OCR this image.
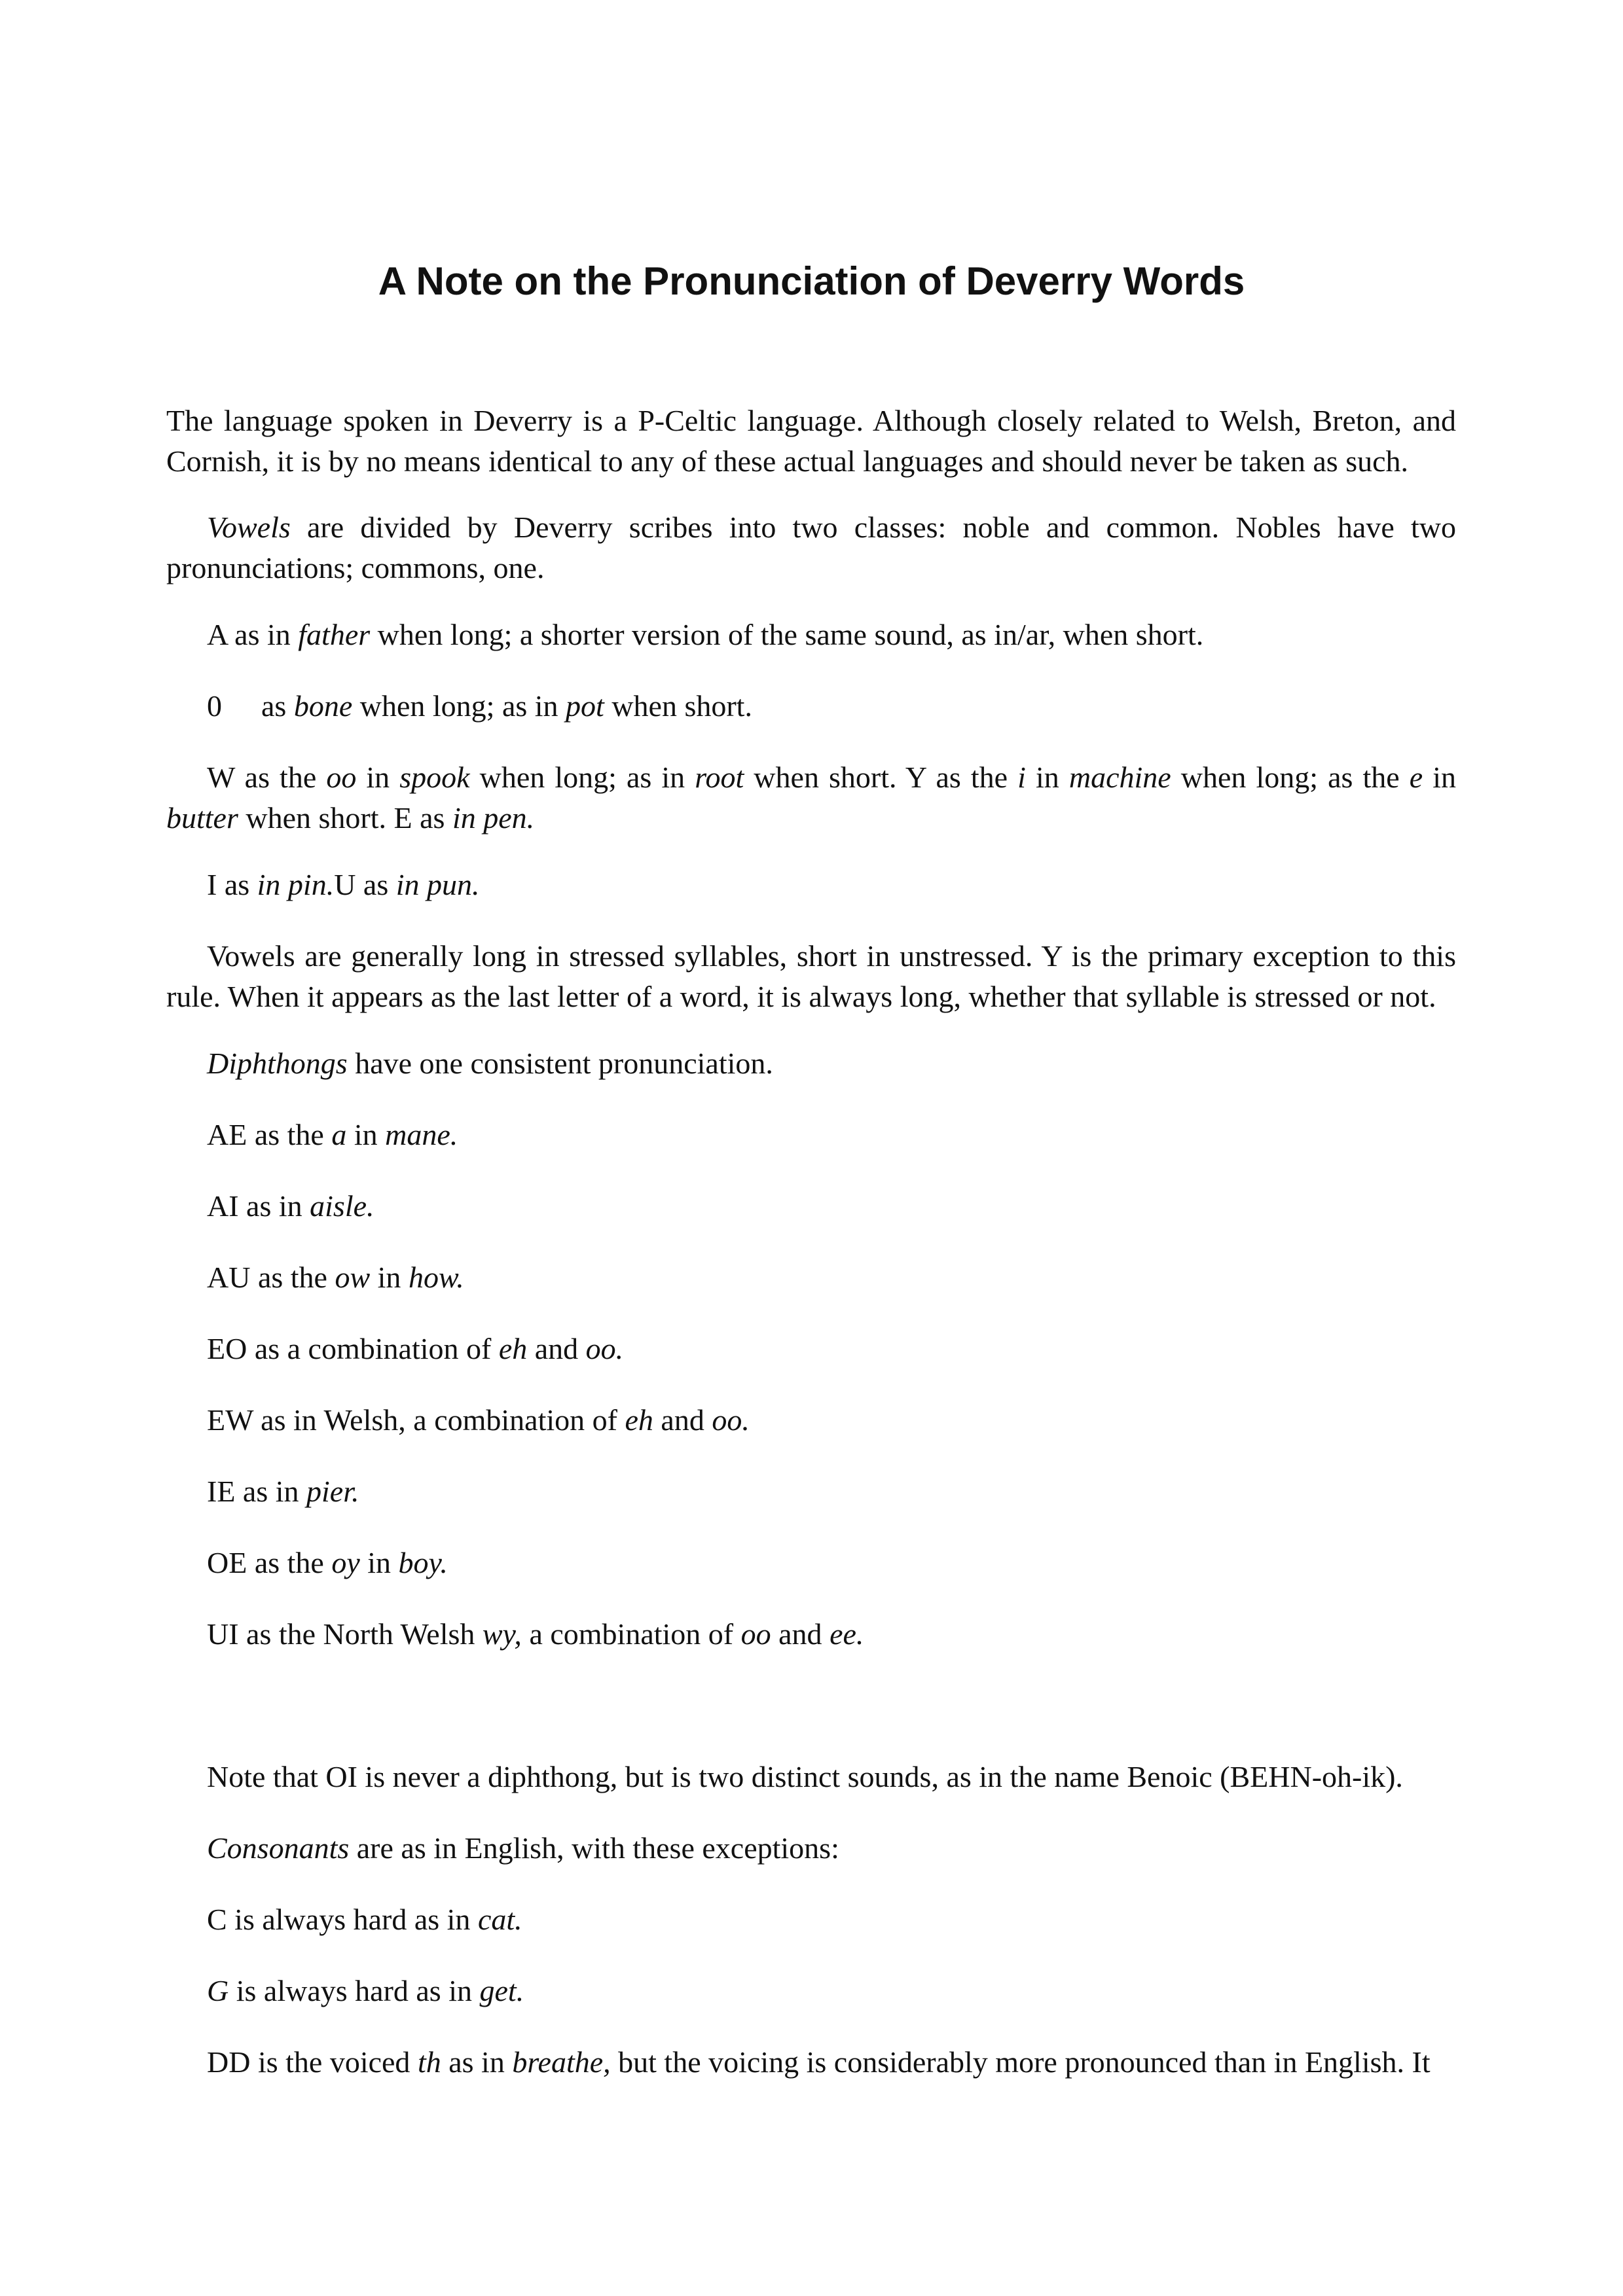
A Note on the Pronunciation of Deverry Words

The language spoken in Deverry is a P-Celtic language. Although closely related to Welsh, Breton, and Cornish, it is by no means identical to any of these actual languages and should never be taken as such.

Vowels are divided by Deverry scribes into two classes: noble and common. Nobles have two pronunciations; commons, one.

A as in father when long; a shorter version of the same sound, as in/ar, when short.

0 as bone when long; as in pot when short.

W as the oo in spook when long; as in root when short. Y as the i in machine when long; as the e in butter when short. E as in pen.

I as in pin.U as in pun.

Vowels are generally long in stressed syllables, short in unstressed. Y is the primary exception to this rule. When it appears as the last letter of a word, it is always long, whether that syllable is stressed or not.

Diphthongs have one consistent pronunciation.

AE as the a in mane.

AI as in aisle.

AU as the ow in how.

EO as a combination of eh and oo.

EW as in Welsh, a combination of eh and oo.

IE as in pier.

OE as the oy in boy.

UI as the North Welsh wy, a combination of oo and ee.

Note that OI is never a diphthong, but is two distinct sounds, as in the name Benoic (BEHN-oh-ik).

Consonants are as in English, with these exceptions:

C is always hard as in cat.

G is always hard as in get.

DD is the voiced th as in breathe, but the voicing is considerably more pronounced than in English. It
